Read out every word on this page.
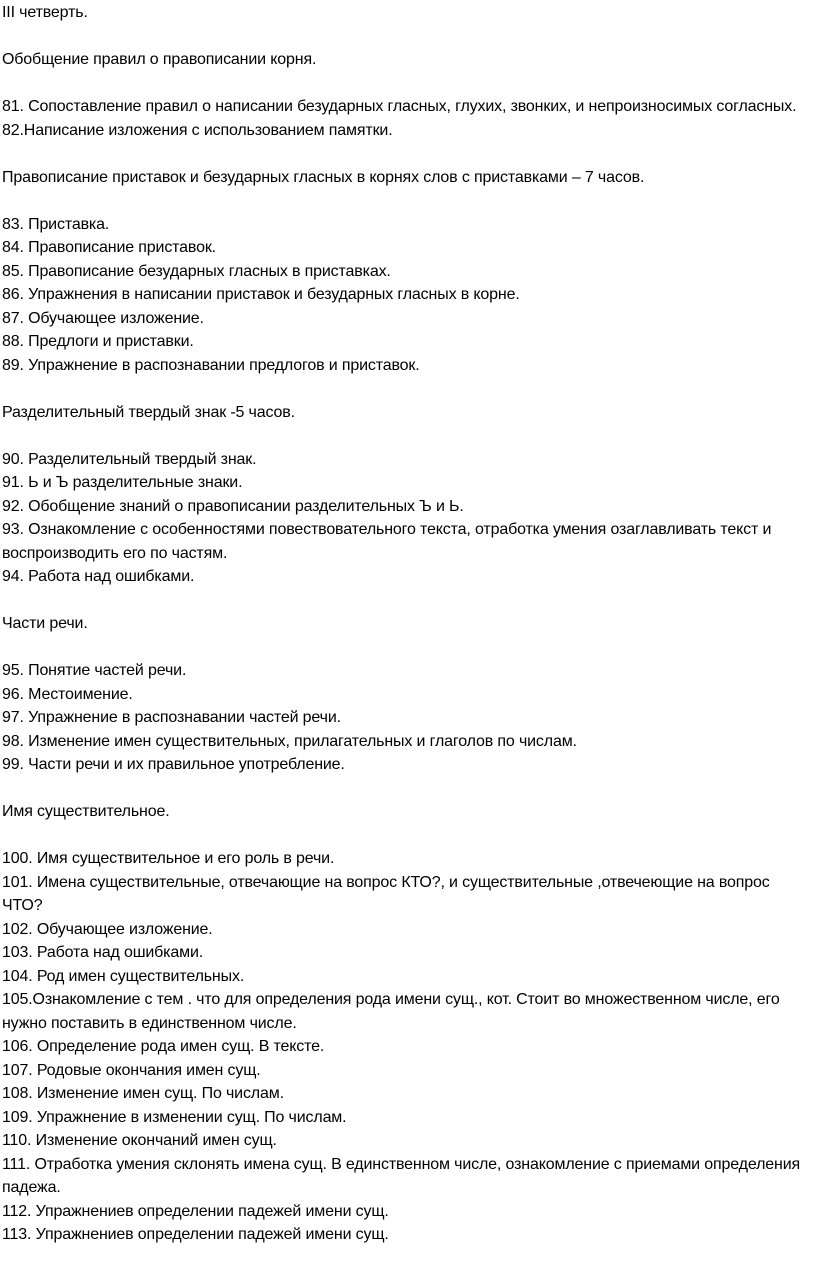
III четверть.
Обобщение правил о правописании корня.
81. Сопоставление правил о написании безударных гласных, глухих, звонких, и непроизносимых согласных.
82.Написание изложения с использованием памятки.
Правописание приставок и безударных гласных в корнях слов с приставками – 7 часов.
83. Приставка.
84. Правописание приставок.
85. Правописание безударных гласных в приставках.
86. Упражнения в написании приставок и безударных гласных в корне.
87. Обучающее изложение.
88. Предлоги и приставки.
89. Упражнение в распознавании предлогов и приставок.
Разделительный твердый знак -5 часов.
90. Разделительный твердый знак.
91. Ь и Ъ разделительные знаки.
92. Обобщение знаний о правописании разделительных Ъ и Ь.
93. Ознакомление с особенностями повествовательного текста, отработка умения озаглавливать текст и воспроизводить его по частям.
94. Работа над ошибками.
Части речи.
95. Понятие частей речи.
96. Местоимение.
97. Упражнение в распознавании частей речи.
98. Изменение имен существительных, прилагательных и глаголов по числам.
99. Части речи и их правильное употребление.
Имя существительное.
100. Имя существительное и его роль в речи.
101. Имена существительные, отвечающие на вопрос КТО?, и существительные ,отвечеющие на вопрос ЧТО?
102. Обучающее изложение.
103. Работа над ошибками.
104. Род имен существительных.
105.Ознакомление с тем . что для определения рода имени сущ., кот. Стоит во множественном числе, его нужно поставить в единственном числе.
106. Определение рода имен сущ. В тексте.
107. Родовые окончания имен сущ.
108. Изменение имен сущ. По числам.
109. Упражнение в изменении сущ. По числам.
110. Изменение окончаний имен сущ.
111. Отработка умения склонять имена сущ. В единственном числе, ознакомление с приемами определения падежа.
112. Упражнениев определении падежей имени сущ.
113. Упражнениев определении падежей имени сущ.
